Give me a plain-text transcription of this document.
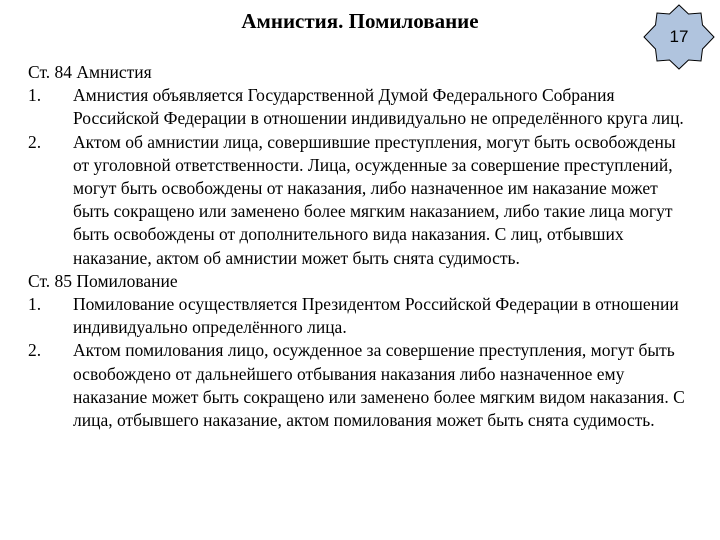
Амнистия. Помилование
17

Ст. 84 Амнистия

1.	Амнистия объявляется Государственной Думой Федерального Собрания Российской Федерации в отношении индивидуально не определённого круга лиц.
2.	Актом об амнистии лица, совершившие преступления, могут быть освобождены от уголовной ответственности. Лица, осужденные за совершение преступлений, могут быть освобождены от наказания, либо назначенное им наказание может быть сокращено или заменено более мягким наказанием, либо такие лица могут быть освобождены от дополнительного вида наказания. С лиц, отбывших наказание, актом об амнистии может быть снята судимость.

Ст. 85 Помилование

1.	Помилование осуществляется Президентом Российской Федерации в отношении индивидуально определённого лица.
2.	Актом помилования лицо, осужденное за совершение преступления, могут быть освобождено от дальнейшего отбывания наказания либо назначенное ему наказание может быть сокращено или заменено более мягким видом наказания. С лица, отбывшего наказание, актом помилования может быть снята судимость.
